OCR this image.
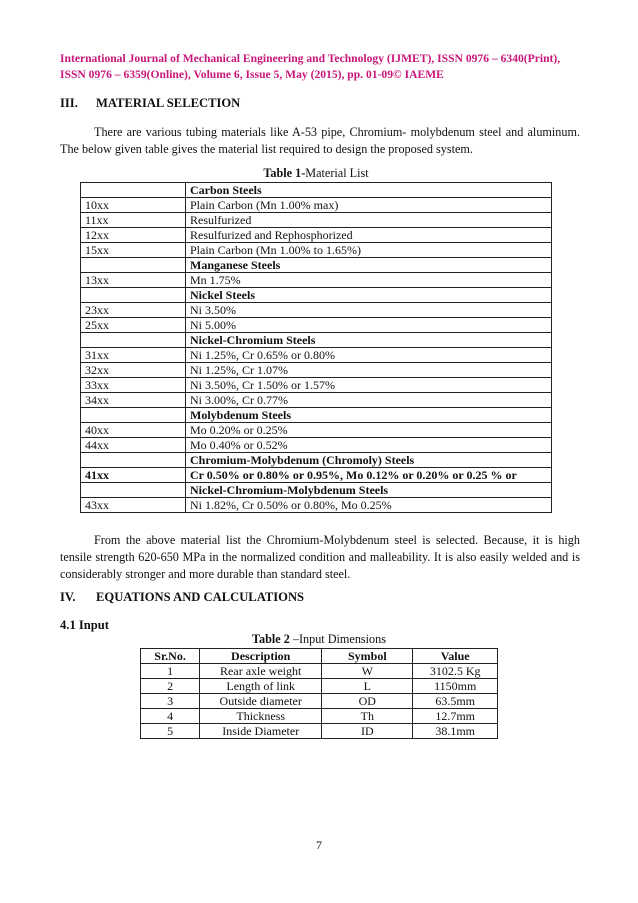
International Journal of Mechanical Engineering and Technology (IJMET), ISSN 0976 – 6340(Print),
ISSN 0976 – 6359(Online), Volume 6, Issue 5, May (2015), pp. 01-09© IAEME
III. MATERIAL SELECTION
There are various tubing materials like A-53 pipe, Chromium- molybdenum steel and aluminum. The below given table gives the material list required to design the proposed system.
Table 1-Material List
	Carbon Steels
10xx	Plain Carbon (Mn 1.00% max)
11xx	Resulfurized
12xx	Resulfurized and Rephosphorized
15xx	Plain Carbon (Mn 1.00% to 1.65%)
	Manganese Steels
13xx	Mn 1.75%
	Nickel Steels
23xx	Ni 3.50%
25xx	Ni 5.00%
	Nickel-Chromium Steels
31xx	Ni 1.25%, Cr 0.65% or 0.80%
32xx	Ni 1.25%, Cr 1.07%
33xx	Ni 3.50%, Cr 1.50% or 1.57%
34xx	Ni 3.00%, Cr 0.77%
	Molybdenum Steels
40xx	Mo 0.20% or 0.25%
44xx	Mo 0.40% or 0.52%
	Chromium-Molybdenum (Chromoly) Steels
41xx	Cr 0.50% or 0.80% or 0.95%, Mo 0.12% or 0.20% or 0.25 % or
	Nickel-Chromium-Molybdenum Steels
43xx	Ni 1.82%, Cr 0.50% or 0.80%, Mo 0.25%
From the above material list the Chromium-Molybdenum steel is selected. Because, it is high tensile strength 620-650 MPa in the normalized condition and malleability. It is also easily welded and is considerably stronger and more durable than standard steel.
IV. EQUATIONS AND CALCULATIONS
4.1 Input
Table 2 –Input Dimensions
Sr.No.	Description	Symbol	Value
1	Rear axle weight	W	3102.5 Kg
2	Length of link	L	1150mm
3	Outside diameter	OD	63.5mm
4	Thickness	Th	12.7mm
5	Inside Diameter	ID	38.1mm
7
